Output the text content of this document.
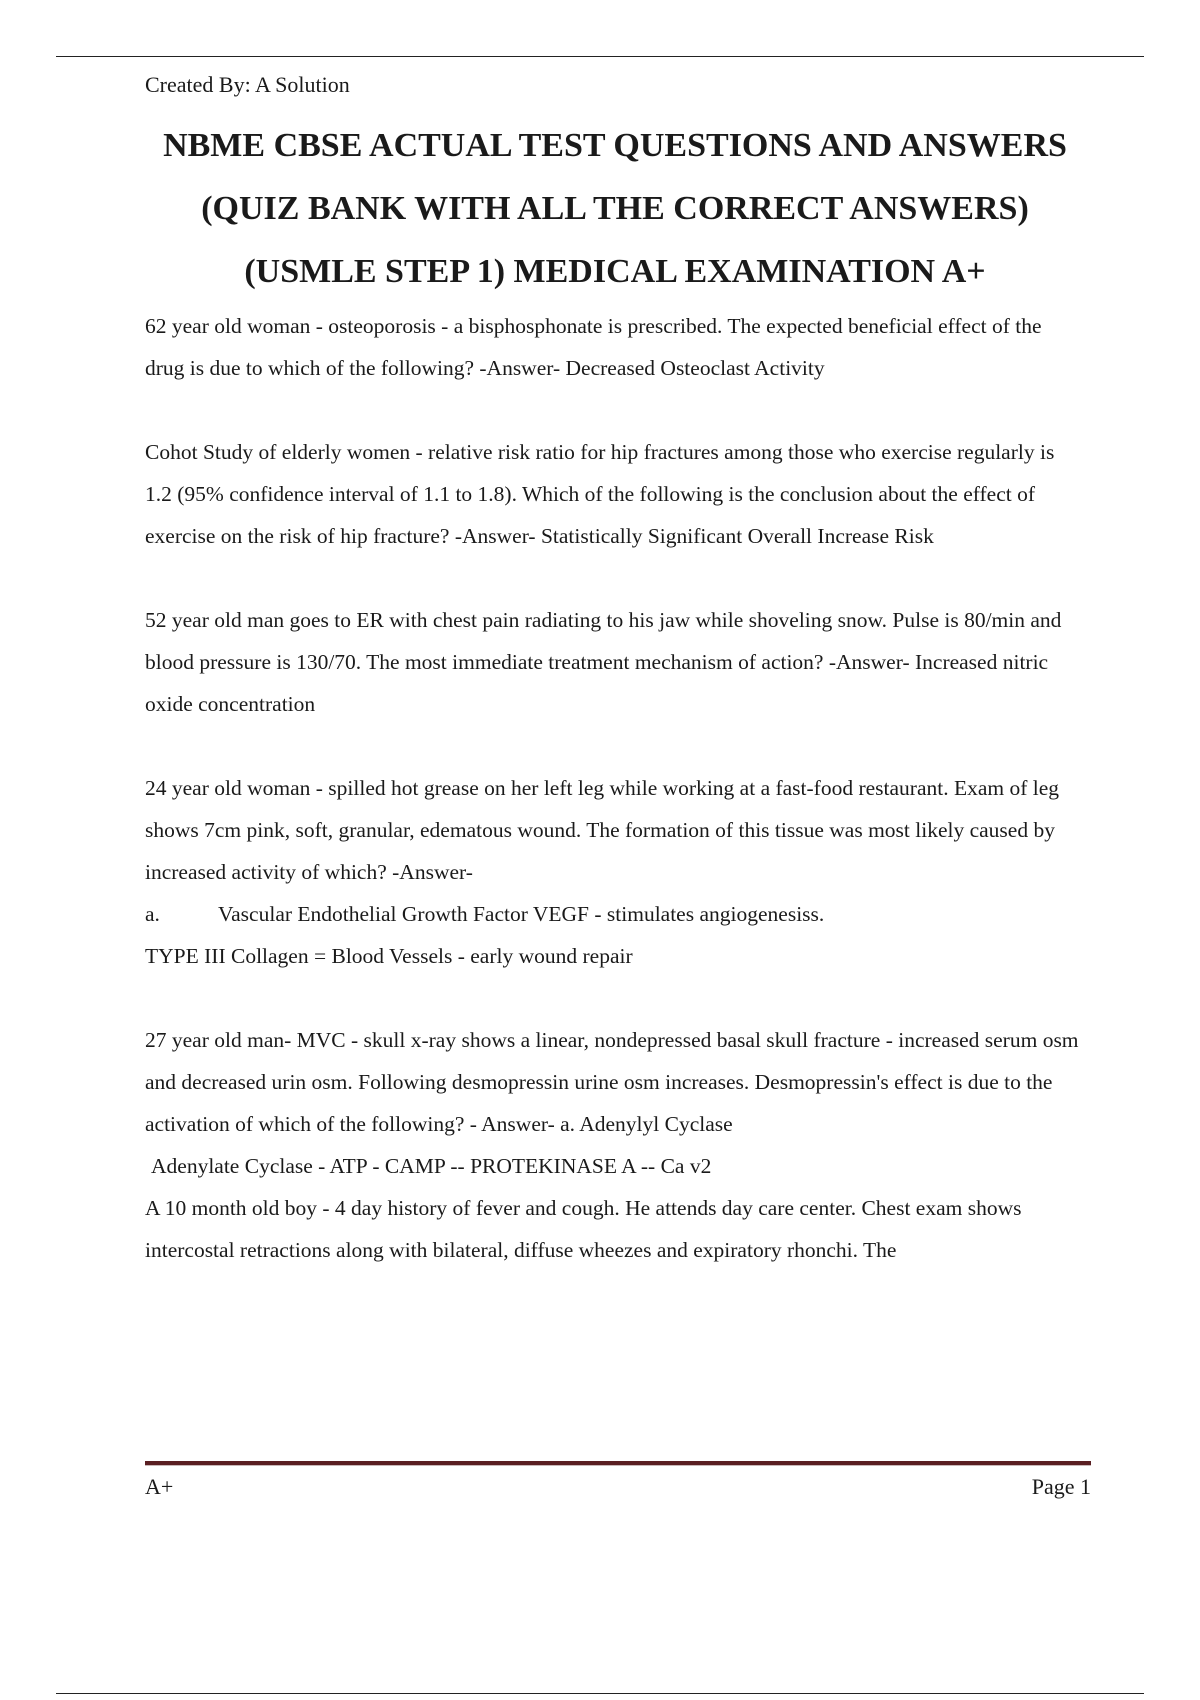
Created By: A Solution
NBME CBSE ACTUAL TEST QUESTIONS AND ANSWERS (QUIZ BANK WITH ALL THE CORRECT ANSWERS) (USMLE STEP 1) MEDICAL EXAMINATION A+

62 year old woman - osteoporosis - a bisphosphonate is prescribed. The expected beneficial effect of the drug is due to which of the following? -Answer- Decreased Osteoclast Activity

Cohot Study of elderly women - relative risk ratio for hip fractures among those who exercise regularly is 1.2 (95% confidence interval of 1.1 to 1.8). Which of the following is the conclusion about the effect of exercise on the risk of hip fracture? -Answer- Statistically Significant Overall Increase Risk

52 year old man goes to ER with chest pain radiating to his jaw while shoveling snow. Pulse is 80/min and blood pressure is 130/70. The most immediate treatment mechanism of action? -Answer- Increased nitric oxide concentration

24 year old woman - spilled hot grease on her left leg while working at a fast-food restaurant. Exam of leg shows 7cm pink, soft, granular, edematous wound. The formation of this tissue was most likely caused by increased activity of which? -Answer-

a.	Vascular Endothelial Growth Factor VEGF - stimulates angiogenesiss.

TYPE III Collagen = Blood Vessels - early wound repair

27 year old man- MVC - skull x-ray shows a linear, nondepressed basal skull fracture - increased serum osm and decreased urin osm. Following desmopressin urine osm increases. Desmopressin's effect is due to the activation of which of the following? - Answer- a. Adenylyl Cyclase

Adenylate Cyclase - ATP - CAMP -- PROTEKINASE A -- Ca v2

A 10 month old boy - 4 day history of fever and cough. He attends day care center. Chest exam shows intercostal retractions along with bilateral, diffuse wheezes and expiratory rhonchi. The

A+	Page 1
